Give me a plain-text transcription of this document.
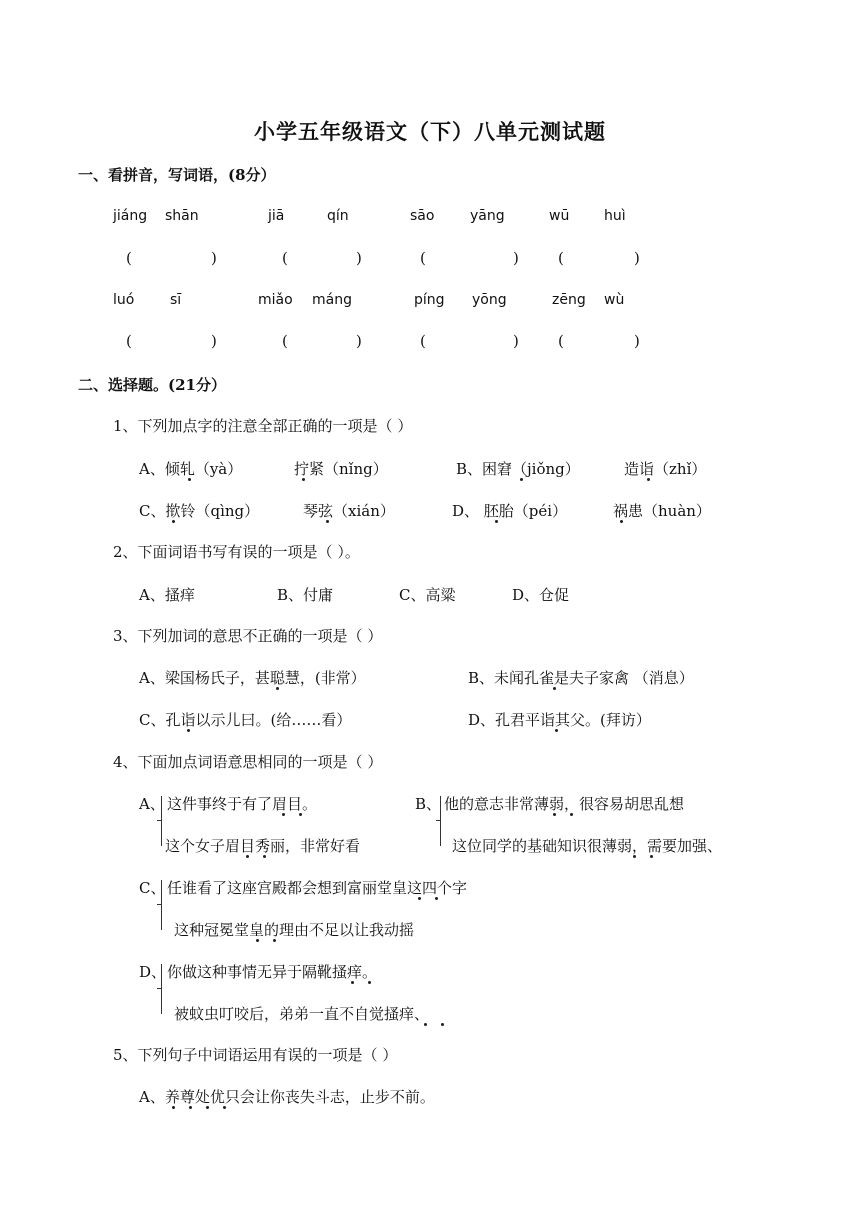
小学五年级语文（下）八单元测试题
一、看拼音，写词语，(8分）
jiáng shān	jiā	qín	sāo	yāng	wū huì
(	)	(	)	(	)	(	)
luó	sī	miǎo máng	píng yōng	zēng wù
(	)	(	)	(	)	(	)
二、选择题。(21分）
1、下列加点字的注意全部正确的一项是（ ）
A、倾轧（yà）	拧紧（nǐng）	B、困窘（jiǒng）	造诣（zhǐ）
C、揿铃（qìng）	琴弦（xián）	D、 胚胎（péi）	祸患（huàn）
2、下面词语书写有误的一项是（ ）。
A、搔痒	B、付庸	C、高粱	D、仓促
3、下列加词的意思不正确的一项是（ ）
A、梁国杨氏子，甚聪慧，(非常）	B、未闻孔雀是夫子家禽 （消息）
C、孔诣以示儿曰。(给……看）	D、孔君平诣其父。(拜访）
4、下面加点词语意思相同的一项是（ ）
A、 这件事终于有了眉目。
这个女子眉目秀丽，非常好看
B、 他的意志非常薄弱，很容易胡思乱想
这位同学的基础知识很薄弱，需要加强、
C、 任谁看了这座宫殿都会想到富丽堂皇这四个字
这种冠冕堂皇的理由不足以让我动摇
D、 你做这种事情无异于隔靴搔痒。
被蚊虫叮咬后，弟弟一直不自觉搔痒、
5、下列句子中词语运用有误的一项是（ ）
A、养尊处优只会让你丧失斗志，止步不前。
